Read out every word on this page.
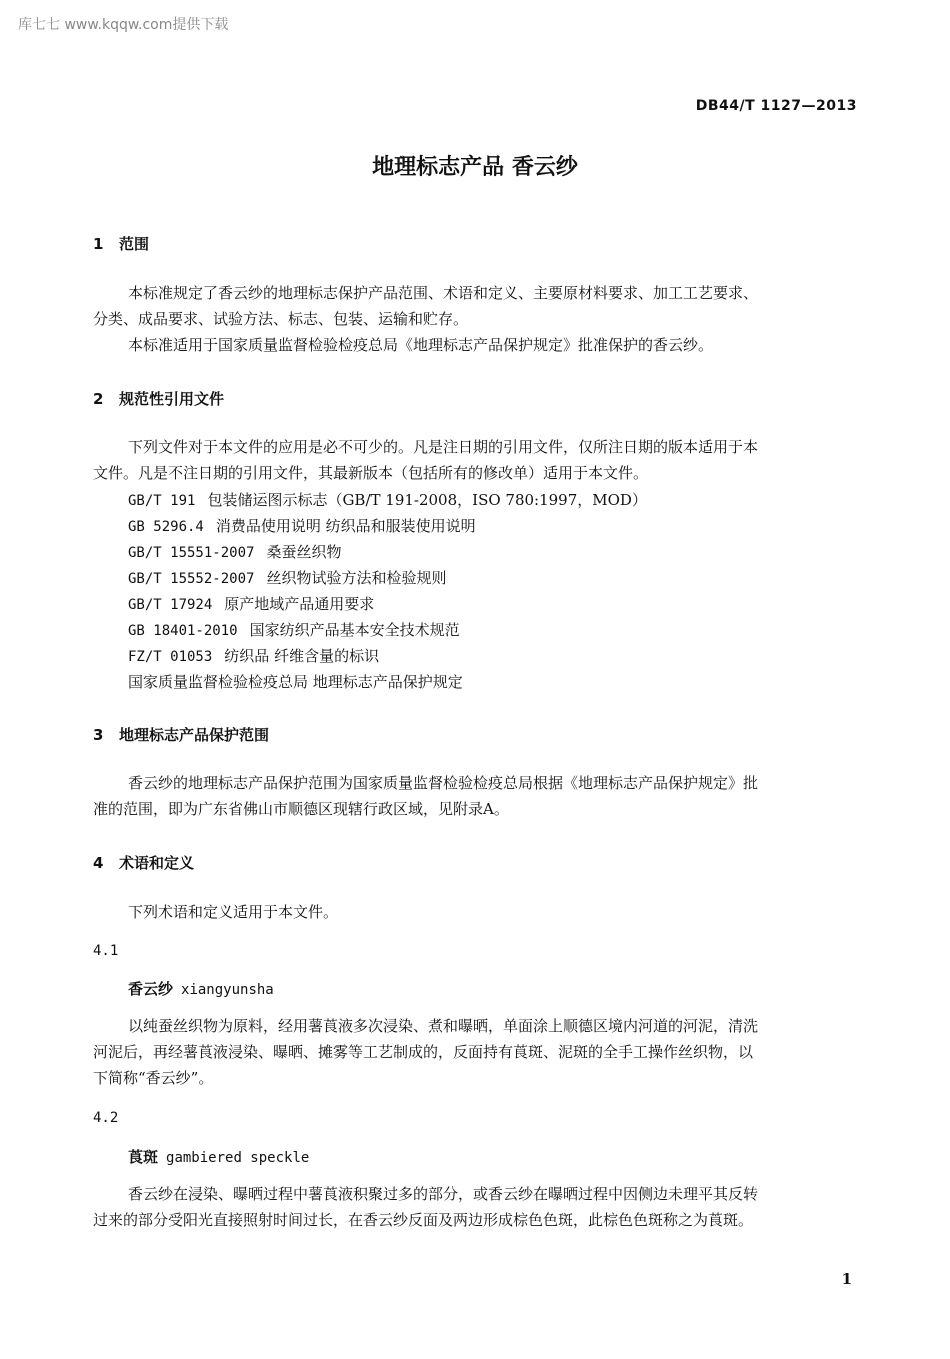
库七七 www.kqqw.com提供下载
DB44/T 1127—2013
地理标志产品 香云纱
1 范围
本标准规定了香云纱的地理标志保护产品范围、术语和定义、主要原材料要求、加工工艺要求、
分类、成品要求、试验方法、标志、包装、运输和贮存。
本标准适用于国家质量监督检验检疫总局《地理标志产品保护规定》批准保护的香云纱。
2 规范性引用文件
下列文件对于本文件的应用是必不可少的。凡是注日期的引用文件，仅所注日期的版本适用于本
文件。凡是不注日期的引用文件，其最新版本（包括所有的修改单）适用于本文件。
GB/T 191 包装储运图示标志（GB/T 191-2008，ISO 780:1997，MOD）
GB 5296.4 消费品使用说明 纺织品和服装使用说明
GB/T 15551-2007 桑蚕丝织物
GB/T 15552-2007 丝织物试验方法和检验规则
GB/T 17924 原产地域产品通用要求
GB 18401-2010 国家纺织产品基本安全技术规范
FZ/T 01053 纺织品 纤维含量的标识
国家质量监督检验检疫总局 地理标志产品保护规定
3 地理标志产品保护范围
香云纱的地理标志产品保护范围为国家质量监督检验检疫总局根据《地理标志产品保护规定》批
准的范围，即为广东省佛山市顺德区现辖行政区域，见附录A。
4 术语和定义
下列术语和定义适用于本文件。
4.1
香云纱 xiangyunsha
以纯蚕丝织物为原料，经用薯莨液多次浸染、煮和曝晒，单面涂上顺德区境内河道的河泥，清洗
河泥后，再经薯莨液浸染、曝晒、摊雾等工艺制成的，反面持有莨斑、泥斑的全手工操作丝织物，以
下简称“香云纱”。
4.2
莨斑 gambiered speckle
香云纱在浸染、曝晒过程中薯莨液积聚过多的部分，或香云纱在曝晒过程中因侧边未理平其反转
过来的部分受阳光直接照射时间过长，在香云纱反面及两边形成棕色色斑，此棕色色斑称之为莨斑。
1
